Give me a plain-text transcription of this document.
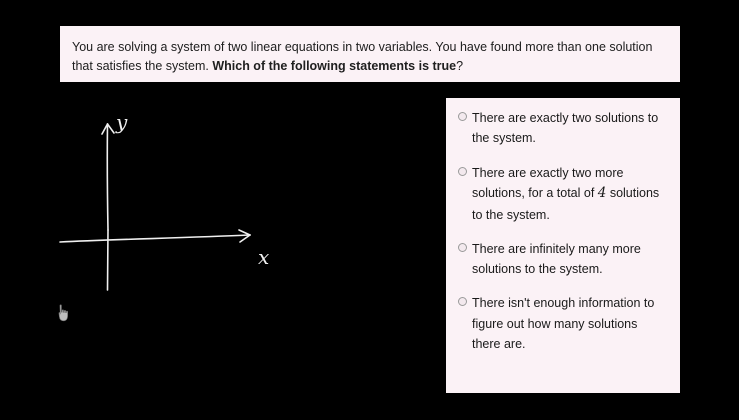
You are solving a system of two linear equations in two variables. You have found more than one solution that satisfies the system. Which of the following statements is true?
y
x
There are exactly two solutions to the system.
There are exactly two more solutions, for a total of 4 solutions to the system.
There are infinitely many more solutions to the system.
There isn't enough information to figure out how many solutions there are.
